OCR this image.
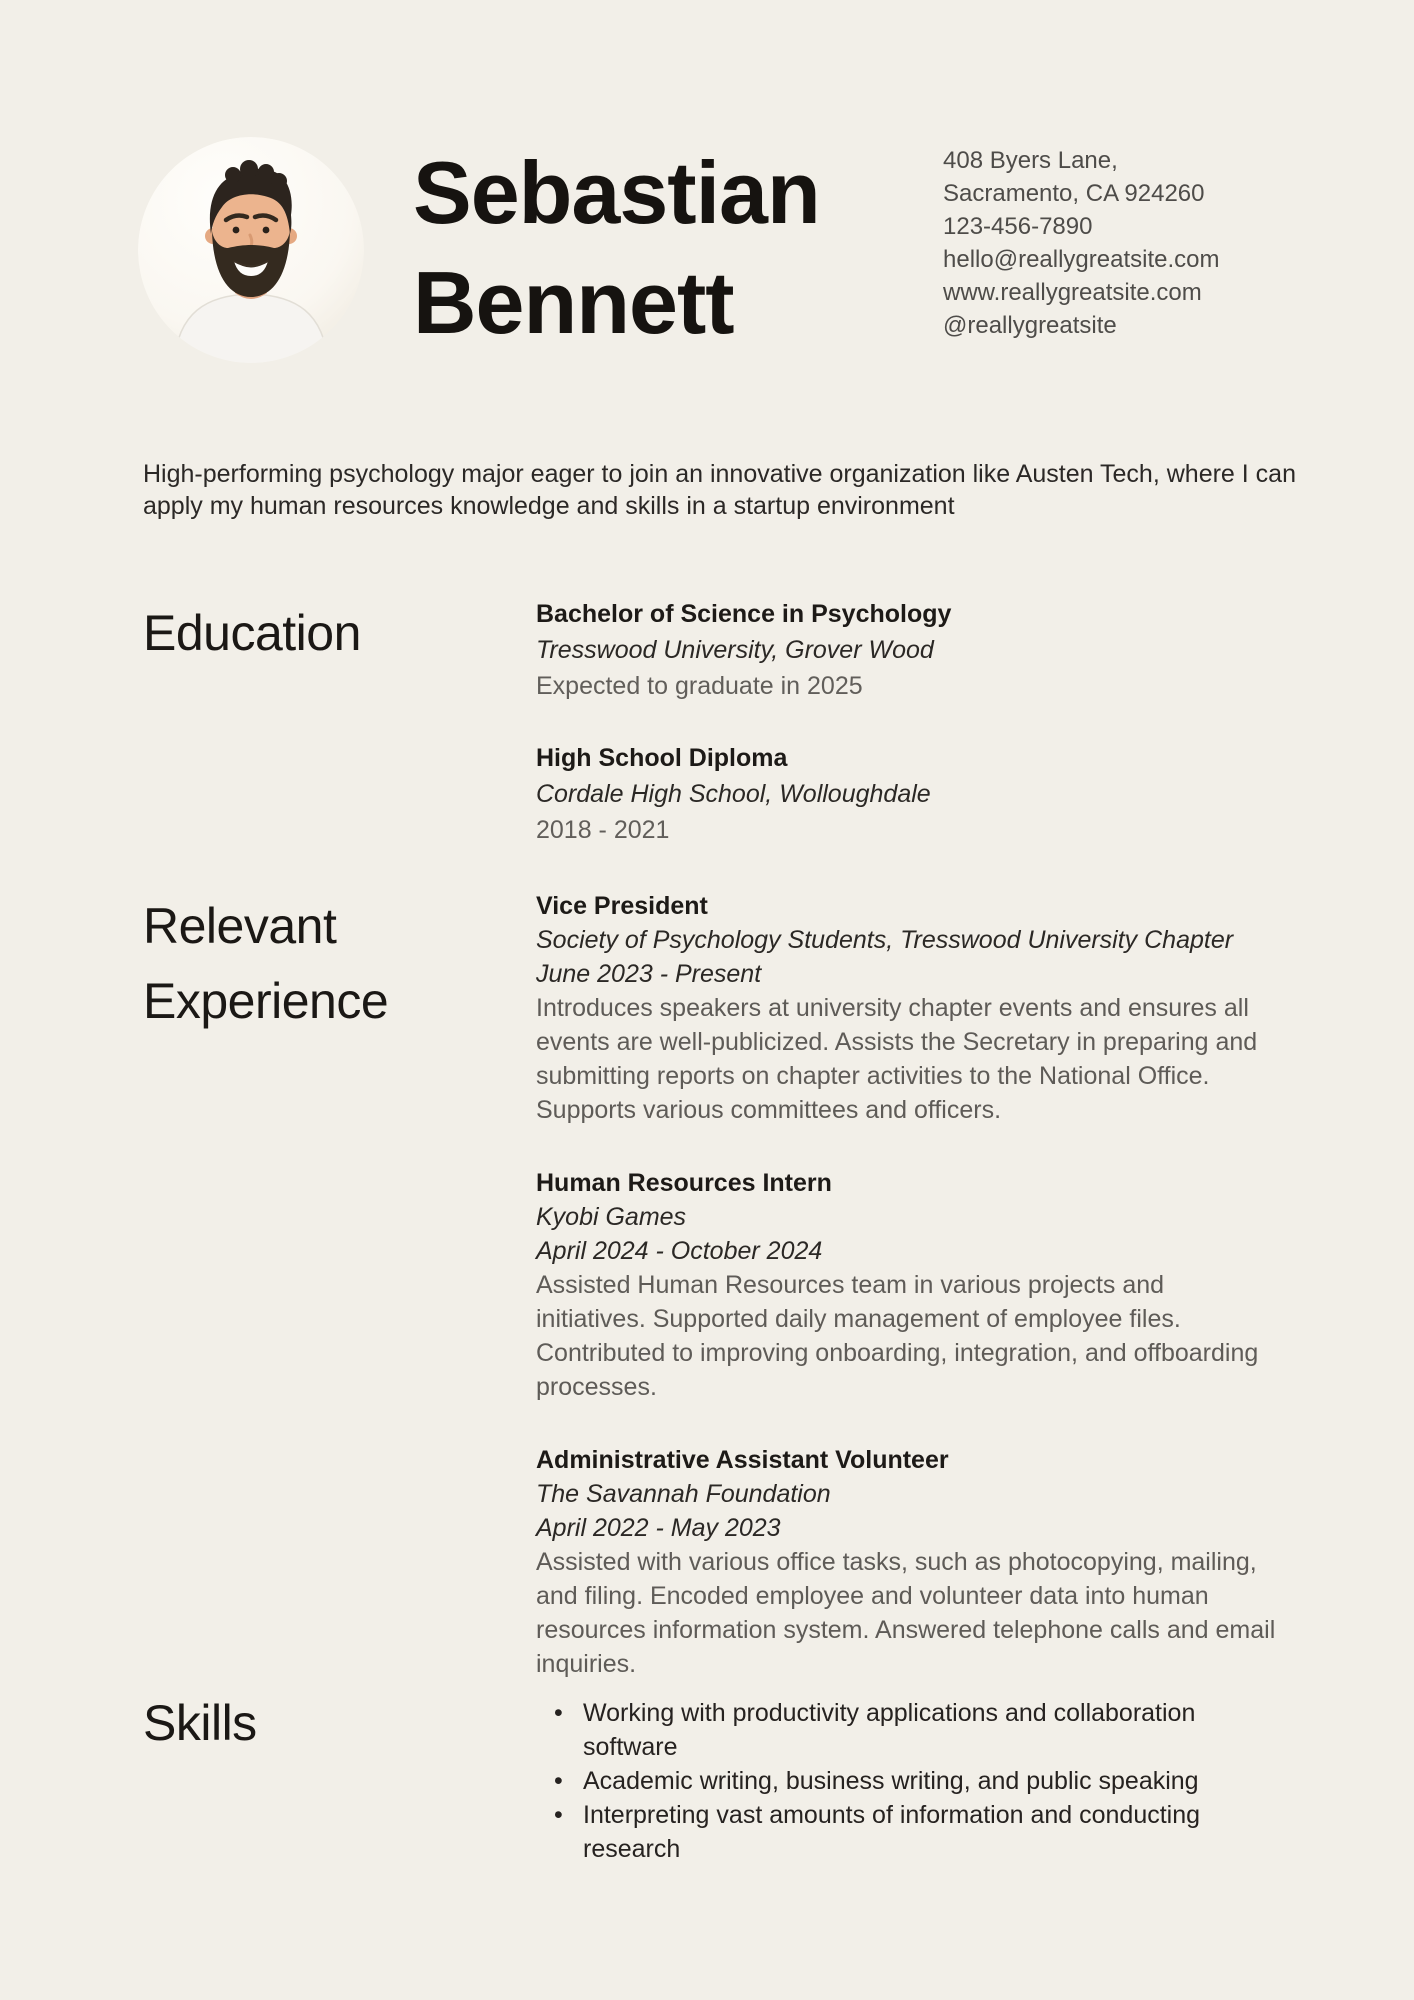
Sebastian
Bennett
408 Byers Lane,
Sacramento, CA 924260
123-456-7890
hello@reallygreatsite.com
www.reallygreatsite.com
@reallygreatsite
High-performing psychology major eager to join an innovative organization like Austen Tech, where I can apply my human resources knowledge and skills in a startup environment
Education	Bachelor of Science in Psychology
Tresswood University, Grover Wood
Expected to graduate in 2025
High School Diploma
Cordale High School, Wolloughdale
2018 - 2021
Relevant Experience
Vice President
Society of Psychology Students, Tresswood University Chapter
June 2023 - Present
Introduces speakers at university chapter events and ensures all events are well-publicized. Assists the Secretary in preparing and submitting reports on chapter activities to the National Office. Supports various committees and officers.
Human Resources Intern
Kyobi Games
April 2024 - October 2024
Assisted Human Resources team in various projects and initiatives. Supported daily management of employee files. Contributed to improving onboarding, integration, and offboarding processes.
Administrative Assistant Volunteer
The Savannah Foundation
April 2022 - May 2023
Assisted with various office tasks, such as photocopying, mailing, and filing. Encoded employee and volunteer data into human resources information system. Answered telephone calls and email inquiries.
Skills	• Working with productivity applications and collaboration software
• Academic writing, business writing, and public speaking
• Interpreting vast amounts of information and conducting research
